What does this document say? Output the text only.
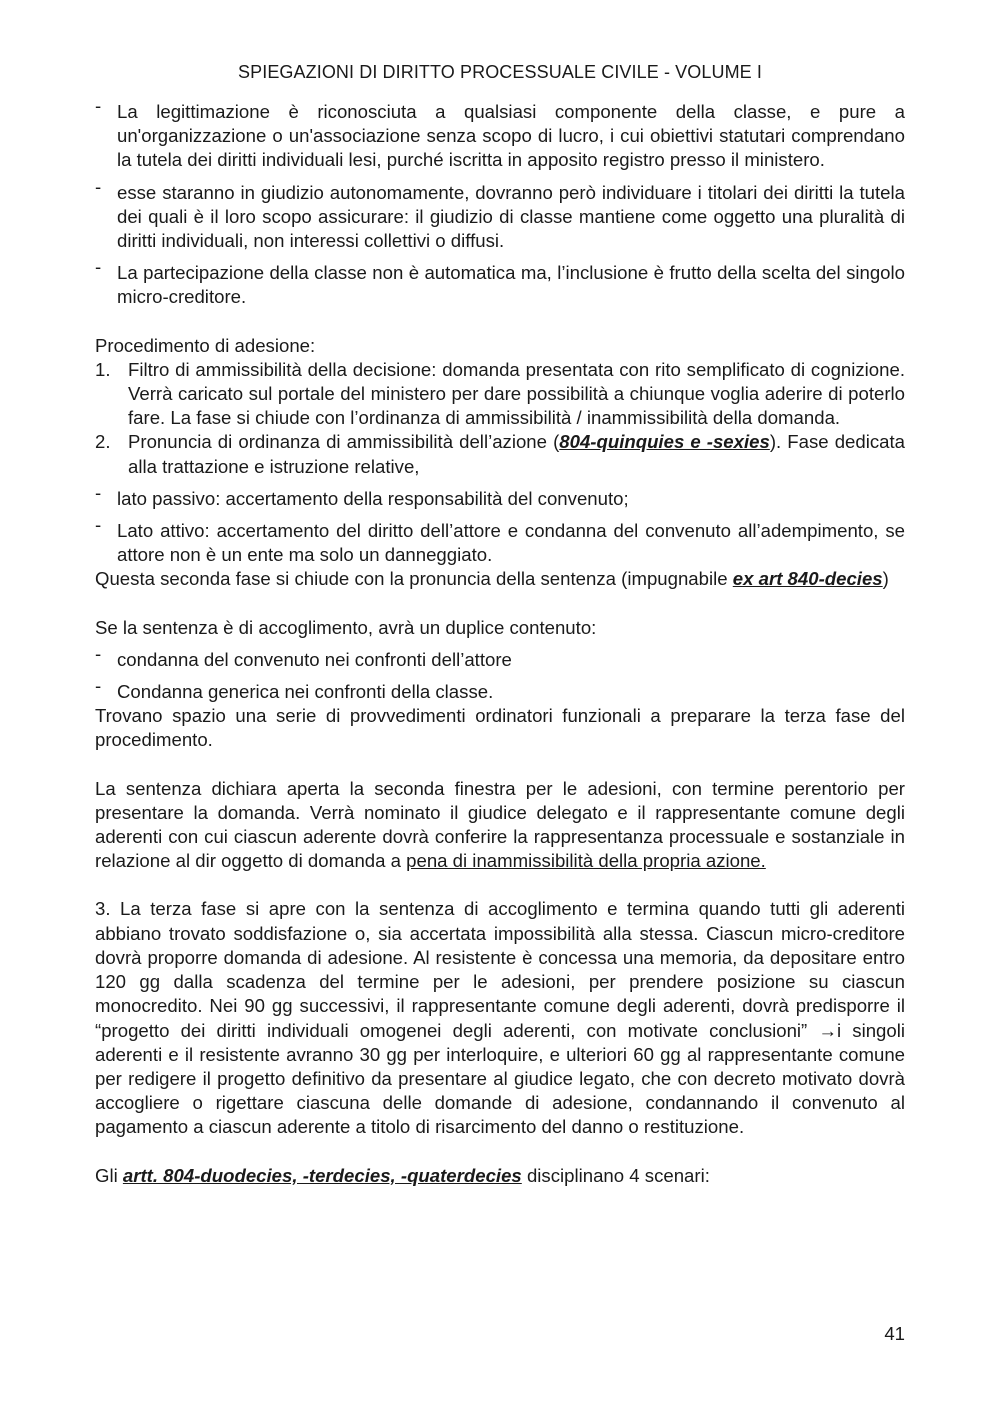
SPIEGAZIONI DI DIRITTO PROCESSUALE CIVILE - VOLUME I
- La legittimazione è riconosciuta a qualsiasi componente della classe, e pure a un'organizzazione o un'associazione senza scopo di lucro, i cui obiettivi statutari comprendano la tutela dei diritti individuali lesi, purché iscritta in apposito registro presso il ministero.
- esse staranno in giudizio autonomamente, dovranno però individuare i titolari dei diritti la tutela dei quali è il loro scopo assicurare: il giudizio di classe mantiene come oggetto una pluralità di diritti individuali, non interessi collettivi o diffusi.
- La partecipazione della classe non è automatica ma, l’inclusione è frutto della scelta del singolo micro-creditore.

Procedimento di adesione:

1. Filtro di ammissibilità della decisione: domanda presentata con rito semplificato di cognizione. Verrà caricato sul portale del ministero per dare possibilità a chiunque voglia aderire di poterlo fare. La fase si chiude con l’ordinanza di ammissibilità / inammissibilità della domanda.
2. Pronuncia di ordinanza di ammissibilità dell’azione (804-quinquies e -sexies). Fase dedicata alla trattazione e istruzione relative,
- lato passivo: accertamento della responsabilità del convenuto;
- Lato attivo: accertamento del diritto dell’attore e condanna del convenuto all’adempimento, se attore non è un ente ma solo un danneggiato.

Questa seconda fase si chiude con la pronuncia della sentenza (impugnabile ex art 840-decies)

Se la sentenza è di accoglimento, avrà un duplice contenuto:

- condanna del convenuto nei confronti dell’attore
- Condanna generica nei confronti della classe.

Trovano spazio una serie di provvedimenti ordinatori funzionali a preparare la terza fase del procedimento.

La sentenza dichiara aperta la seconda finestra per le adesioni, con termine perentorio per presentare la domanda. Verrà nominato il giudice delegato e il rappresentante comune degli aderenti con cui ciascun aderente dovrà conferire la rappresentanza processuale e sostanziale in relazione al dir oggetto di domanda a pena di inammissibilità della propria azione.

3. La terza fase si apre con la sentenza di accoglimento e termina quando tutti gli aderenti abbiano trovato soddisfazione o, sia accertata impossibilità alla stessa. Ciascun micro-creditore dovrà proporre domanda di adesione. Al resistente è concessa una memoria, da depositare entro 120 gg dalla scadenza del termine per le adesioni, per prendere posizione su ciascun monocredito. Nei 90 gg successivi, il rappresentante comune degli aderenti, dovrà predisporre il “progetto dei diritti individuali omogenei degli aderenti, con motivate conclusioni” →i singoli aderenti e il resistente avranno 30 gg per interloquire, e ulteriori 60 gg al rappresentante comune per redigere il progetto definitivo da presentare al giudice legato, che con decreto motivato dovrà accogliere o rigettare ciascuna delle domande di adesione, condannando il convenuto al pagamento a ciascun aderente a titolo di risarcimento del danno o restituzione.

Gli artt. 804-duodecies, -terdecies, -quaterdecies disciplinano 4 scenari:

41
